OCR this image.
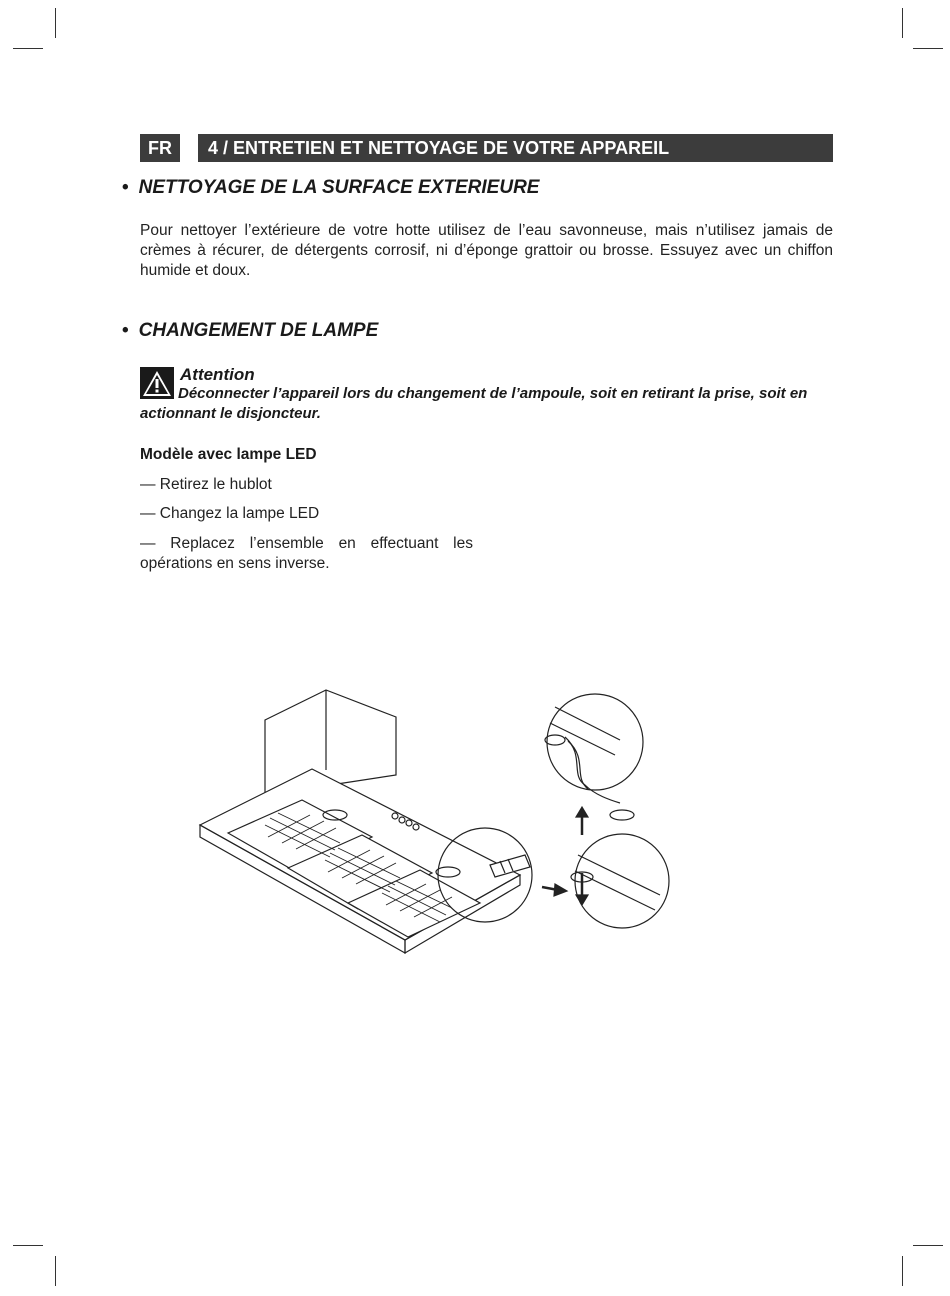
FR	4 / ENTRETIEN ET NETTOYAGE DE VOTRE APPAREIL
• NETTOYAGE DE LA SURFACE EXTERIEURE
Pour nettoyer l’extérieure de votre hotte utilisez de l’eau savonneuse, mais n’utilisez jamais de crèmes à récurer, de détergents corrosif, ni d’éponge grattoir ou brosse. Essuyez avec un chiffon humide et doux.
• CHANGEMENT DE LAMPE
Attention
Déconnecter l’appareil lors du changement de l’ampoule, soit en retirant la prise, soit en actionnant le disjoncteur.
Modèle avec lampe LED
— Retirez le hublot
— Changez la lampe LED
— Replacez l’ensemble en effectuant les opérations en sens inverse.
